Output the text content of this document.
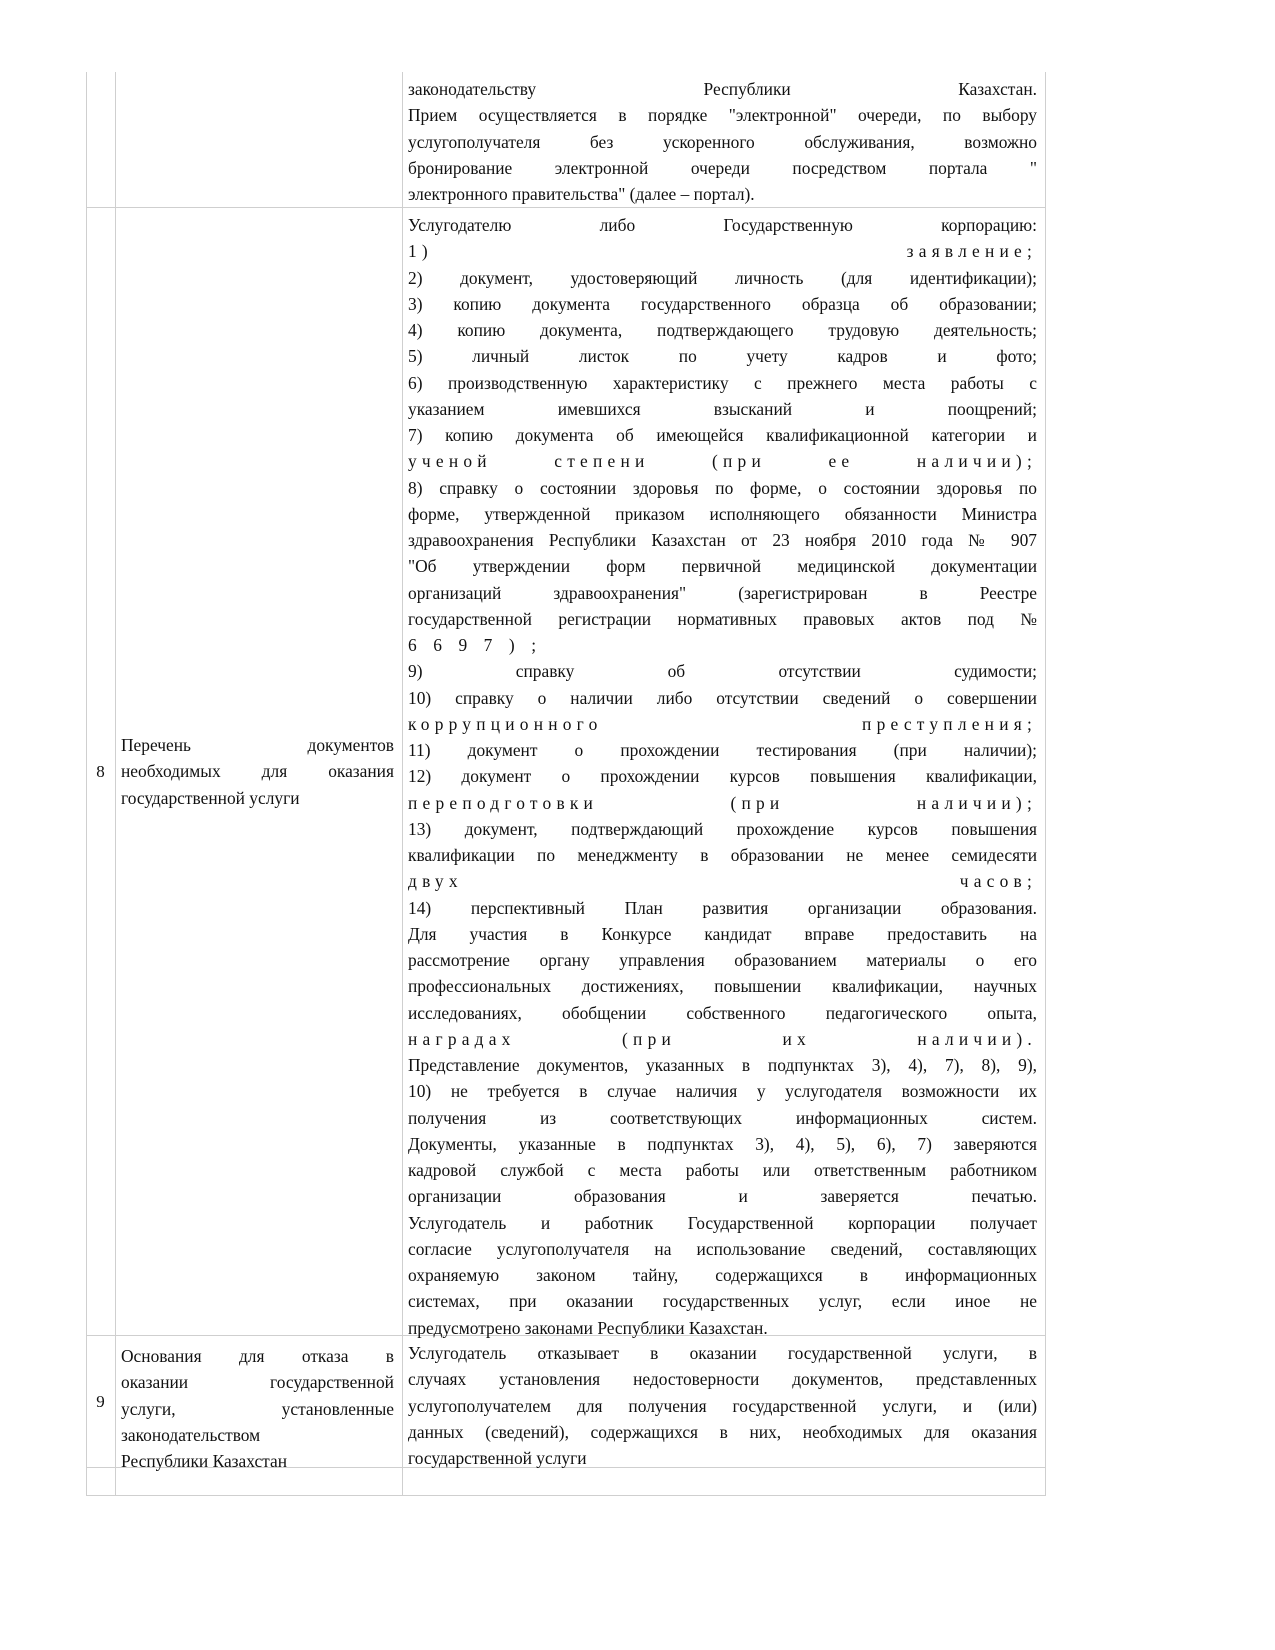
законодательству Республики Казахстан.
Прием осуществляется в порядке "электронной" очереди, по выбору
услугополучателя без ускоренного обслуживания, возможно
бронирование электронной очереди посредством портала "
электронного правительства" (далее – портал).
8
Перечень документов
необходимых для оказания
государственной услуги
Услугодателю либо Государственную корпорацию:
1) заявление;
2) документ, удостоверяющий личность (для идентификации);
3) копию документа государственного образца об образовании;
4) копию документа, подтверждающего трудовую деятельность;
5) личный листок по учету кадров и фото;
6) производственную характеристику с прежнего места работы с
указанием имевшихся взысканий и поощрений;
7) копию документа об имеющейся квалификационной категории и
ученой степени (при ее наличии);
8) справку о состоянии здоровья по форме, о состоянии здоровья по
форме, утвержденной приказом исполняющего обязанности Министра
здравоохранения Республики Казахстан от 23 ноября 2010 года № 907
"Об утверждении форм первичной медицинской документации
организаций здравоохранения" (зарегистрирован в Реестре
государственной регистрации нормативных правовых актов под №
6697);
9) справку об отсутствии судимости;
10) справку о наличии либо отсутствии сведений о совершении
коррупционного преступления;
11) документ о прохождении тестирования (при наличии);
12) документ о прохождении курсов повышения квалификации,
переподготовки (при наличии);
13) документ, подтверждающий прохождение курсов повышения
квалификации по менеджменту в образовании не менее семидесяти
двух часов;
14) перспективный План развития организации образования.
Для участия в Конкурсе кандидат вправе предоставить на
рассмотрение органу управления образованием материалы о его
профессиональных достижениях, повышении квалификации, научных
исследованиях, обобщении собственного педагогического опыта,
наградах (при их наличии).
Представление документов, указанных в подпунктах 3), 4), 7), 8), 9),
10) не требуется в случае наличия у услугодателя возможности их
получения из соответствующих информационных систем.
Документы, указанные в подпунктах 3), 4), 5), 6), 7) заверяются
кадровой службой с места работы или ответственным работником
организации образования и заверяется печатью.
Услугодатель и работник Государственной корпорации получает
согласие услугополучателя на использование сведений, составляющих
охраняемую законом тайну, содержащихся в информационных
системах, при оказании государственных услуг, если иное не
предусмотрено законами Республики Казахстан.
9
Основания для отказа в
оказании государственной
услуги, установленные
законодательством
Республики Казахстан
Услугодатель отказывает в оказании государственной услуги, в
случаях установления недостоверности документов, представленных
услугополучателем для получения государственной услуги, и (или)
данных (сведений), содержащихся в них, необходимых для оказания
государственной услуги
